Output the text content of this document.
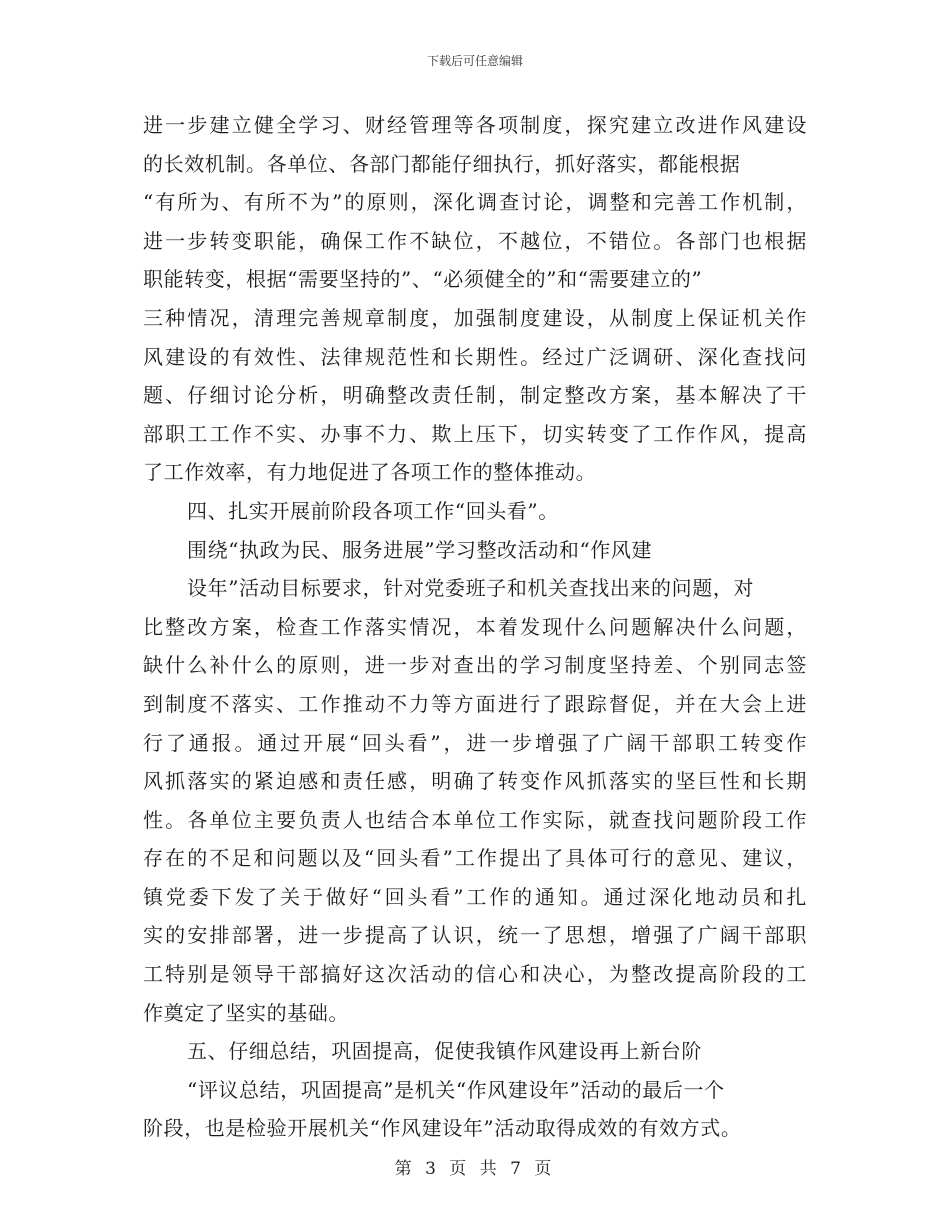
下载后可任意编辑
进一步建立健全学习、财经管理等各项制度，探究建立改进作风建设
的长效机制。各单位、各部门都能仔细执行，抓好落实，都能根据
“有所为、有所不为”的原则，深化调查讨论，调整和完善工作机制，
进一步转变职能，确保工作不缺位，不越位，不错位。各部门也根据
职能转变，根据“需要坚持的”、“必须健全的”和“需要建立的”
三种情况，清理完善规章制度，加强制度建设，从制度上保证机关作
风建设的有效性、法律规范性和长期性。经过广泛调研、深化查找问
题、仔细讨论分析，明确整改责任制，制定整改方案，基本解决了干
部职工工作不实、办事不力、欺上压下，切实转变了工作作风，提高
了工作效率，有力地促进了各项工作的整体推动。
四、扎实开展前阶段各项工作“回头看”。
围绕“执政为民、服务进展”学习整改活动和“作风建
设年”活动目标要求，针对党委班子和机关查找出来的问题，对
比整改方案，检查工作落实情况，本着发现什么问题解决什么问题，
缺什么补什么的原则，进一步对查出的学习制度坚持差、个别同志签
到制度不落实、工作推动不力等方面进行了跟踪督促，并在大会上进
行了通报。通过开展“回头看”，进一步增强了广阔干部职工转变作
风抓落实的紧迫感和责任感，明确了转变作风抓落实的坚巨性和长期
性。各单位主要负责人也结合本单位工作实际，就查找问题阶段工作
存在的不足和问题以及“回头看”工作提出了具体可行的意见、建议，
镇党委下发了关于做好“回头看”工作的通知。通过深化地动员和扎
实的安排部署，进一步提高了认识，统一了思想，增强了广阔干部职
工特别是领导干部搞好这次活动的信心和决心，为整改提高阶段的工
作奠定了坚实的基础。
五、仔细总结，巩固提高，促使我镇作风建设再上新台阶
“评议总结，巩固提高”是机关“作风建设年”活动的最后一个
阶段，也是检验开展机关“作风建设年”活动取得成效的有效方式。
第 3 页 共 7 页
